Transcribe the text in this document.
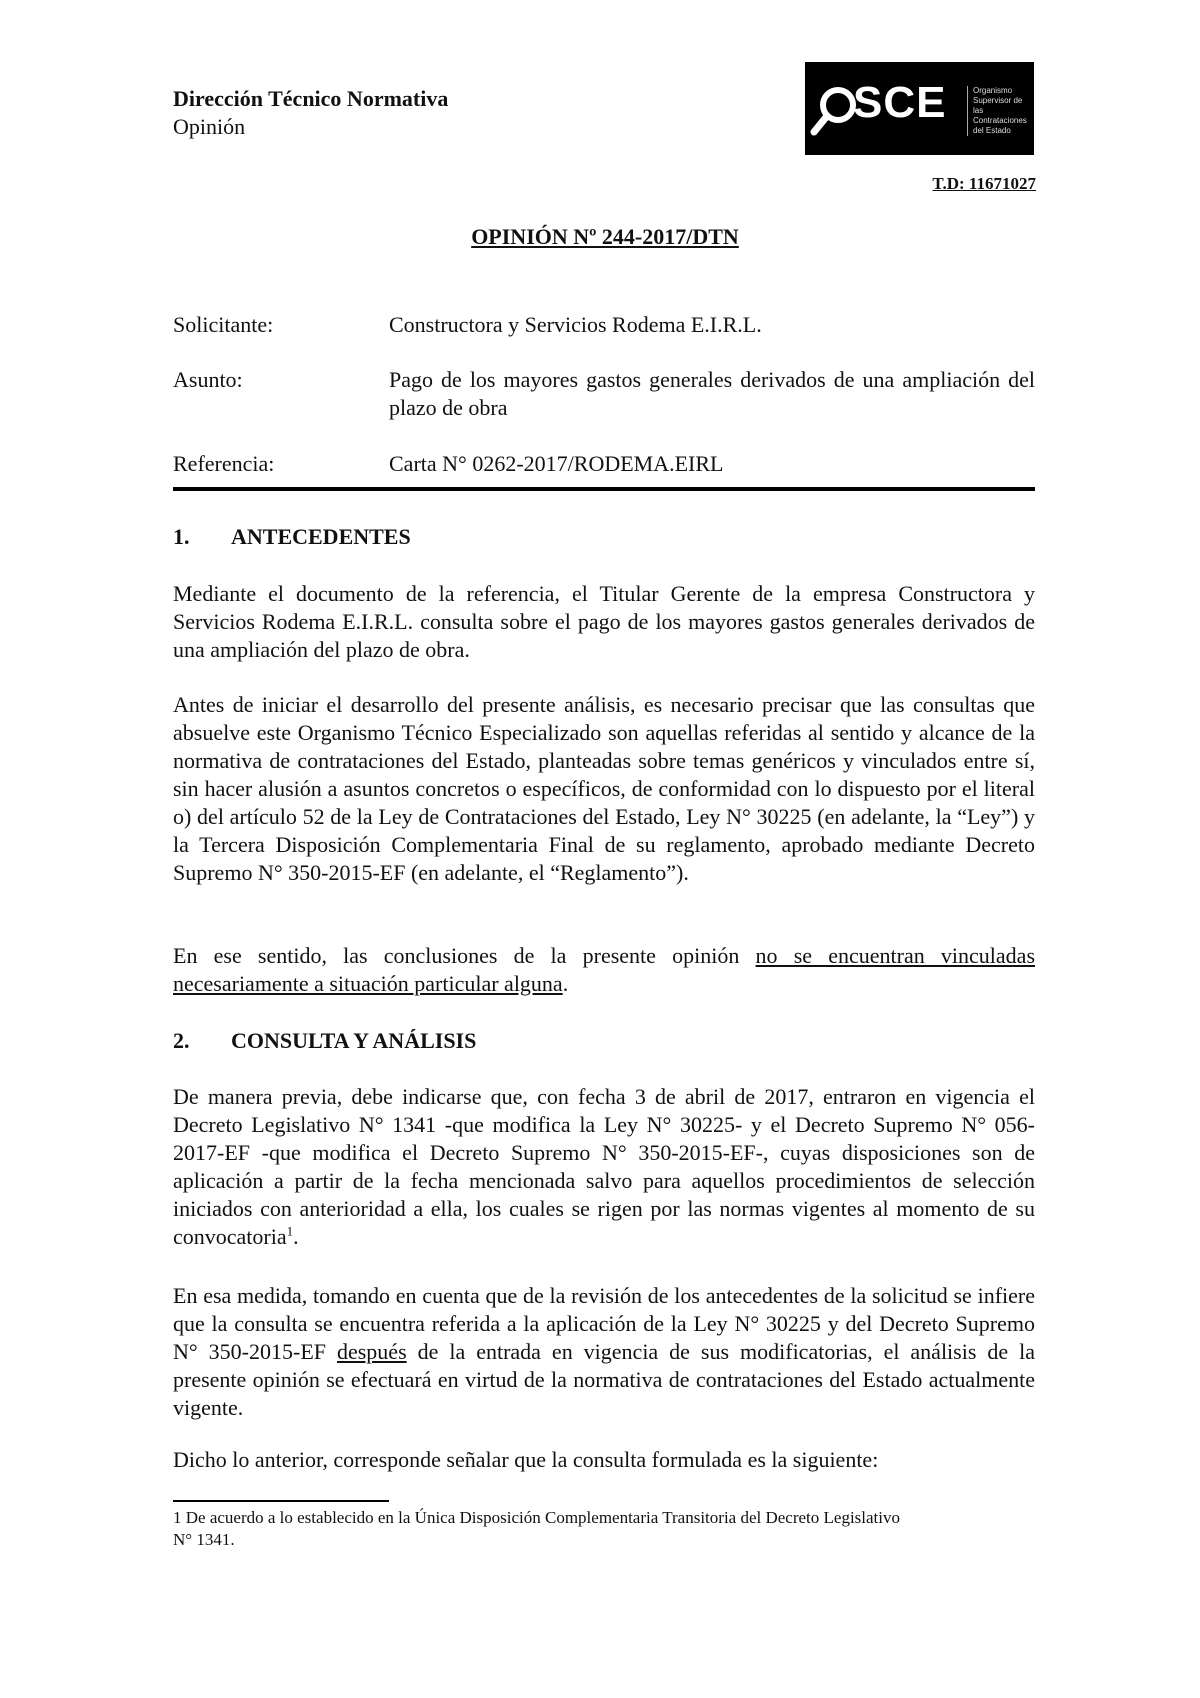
Dirección Técnico Normativa
Opinión	SCE	Organismo Supervisor de las Contrataciones del Estado
T.D: 11671027
OPINIÓN Nº 244-2017/DTN
Solicitante:	Constructora y Servicios Rodema E.I.R.L.
Asunto:	Pago de los mayores gastos generales derivados de una ampliación del plazo de obra
Referencia:	Carta N° 0262-2017/RODEMA.EIRL
1. ANTECEDENTES
Mediante el documento de la referencia, el Titular Gerente de la empresa Constructora y Servicios Rodema E.I.R.L. consulta sobre el pago de los mayores gastos generales derivados de una ampliación del plazo de obra.
Antes de iniciar el desarrollo del presente análisis, es necesario precisar que las consultas que absuelve este Organismo Técnico Especializado son aquellas referidas al sentido y alcance de la normativa de contrataciones del Estado, planteadas sobre temas genéricos y vinculados entre sí, sin hacer alusión a asuntos concretos o específicos, de conformidad con lo dispuesto por el literal o) del artículo 52 de la Ley de Contrataciones del Estado, Ley N° 30225 (en adelante, la “Ley”) y la Tercera Disposición Complementaria Final de su reglamento, aprobado mediante Decreto Supremo N° 350-2015-EF (en adelante, el “Reglamento”).
En ese sentido, las conclusiones de la presente opinión no se encuentran vinculadas necesariamente a situación particular alguna.
2. CONSULTA Y ANÁLISIS
De manera previa, debe indicarse que, con fecha 3 de abril de 2017, entraron en vigencia el Decreto Legislativo N° 1341 -que modifica la Ley N° 30225- y el Decreto Supremo N° 056-2017-EF -que modifica el Decreto Supremo N° 350-2015-EF-, cuyas disposiciones son de aplicación a partir de la fecha mencionada salvo para aquellos procedimientos de selección iniciados con anterioridad a ella, los cuales se rigen por las normas vigentes al momento de su convocatoria$^1$.
En esa medida, tomando en cuenta que de la revisión de los antecedentes de la solicitud se infiere que la consulta se encuentra referida a la aplicación de la Ley N° 30225 y del Decreto Supremo N° 350-2015-EF después de la entrada en vigencia de sus modificatorias, el análisis de la presente opinión se efectuará en virtud de la normativa de contrataciones del Estado actualmente vigente.
Dicho lo anterior, corresponde señalar que la consulta formulada es la siguiente:
1 De acuerdo a lo establecido en la Única Disposición Complementaria Transitoria del Decreto Legislativo
N° 1341.
